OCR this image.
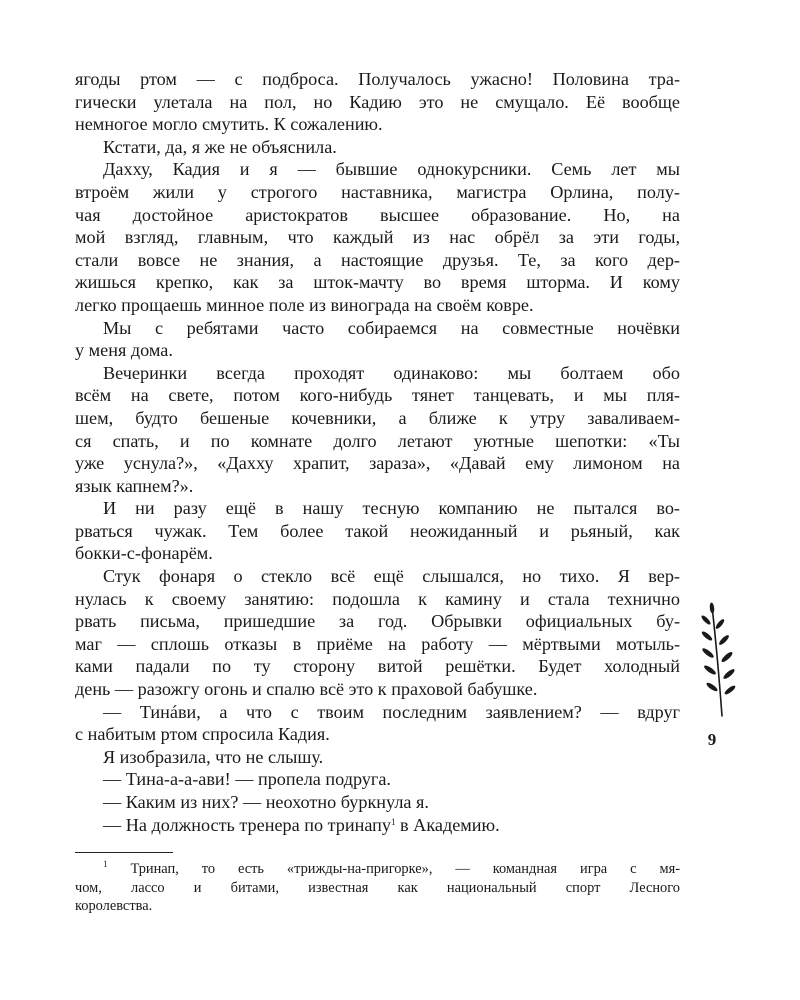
ягоды ртом — с подброса. Получалось ужасно! Половина тра-
гически улетала на пол, но Кадию это не смущало. Её вообще
немногое могло смутить. К сожалению.
Кстати, да, я же не объяснила.
Дахху, Кадия и я — бывшие однокурсники. Семь лет мы
втроём жили у строгого наставника, магистра Орлина, полу-
чая достойное аристократов высшее образование. Но, на
мой взгляд, главным, что каждый из нас обрёл за эти годы,
стали вовсе не знания, а настоящие друзья. Те, за кого дер-
жишься крепко, как за шток-мачту во время шторма. И кому
легко прощаешь минное поле из винограда на своём ковре.
Мы с ребятами часто собираемся на совместные ночёвки
у меня дома.
Вечеринки всегда проходят одинаково: мы болтаем обо
всём на свете, потом кого-нибудь тянет танцевать, и мы пля-
шем, будто бешеные кочевники, а ближе к утру заваливаем-
ся спать, и по комнате долго летают уютные шепотки: «Ты
уже уснула?», «Дахху храпит, зараза», «Давай ему лимоном на
язык капнем?».
И ни разу ещё в нашу тесную компанию не пытался во-
рваться чужак. Тем более такой неожиданный и рьяный, как
бокки-с-фонарём.
Стук фонаря о стекло всё ещё слышался, но тихо. Я вер-
нулась к своему занятию: подошла к камину и стала технично
рвать письма, пришедшие за год. Обрывки официальных бу-
маг — сплошь отказы в приёме на работу — мёртвыми мотыль-
ками падали по ту сторону витой решётки. Будет холодный
день — разожгу огонь и спалю всё это к праховой бабушке.
— Тинáви, а что с твоим последним заявлением? — вдруг
с набитым ртом спросила Кадия.
Я изобразила, что не слышу.
— Тина-а-а-ави! — пропела подруга.
— Каким из них? — неохотно буркнула я.
— На должность тренера по тринапу$^1$ в Академию.
9
$^1$ Тринап, то есть «трижды-на-пригорке», — командная игра с мя-
чом, лассо и битами, известная как национальный спорт Лесного
королевства.
